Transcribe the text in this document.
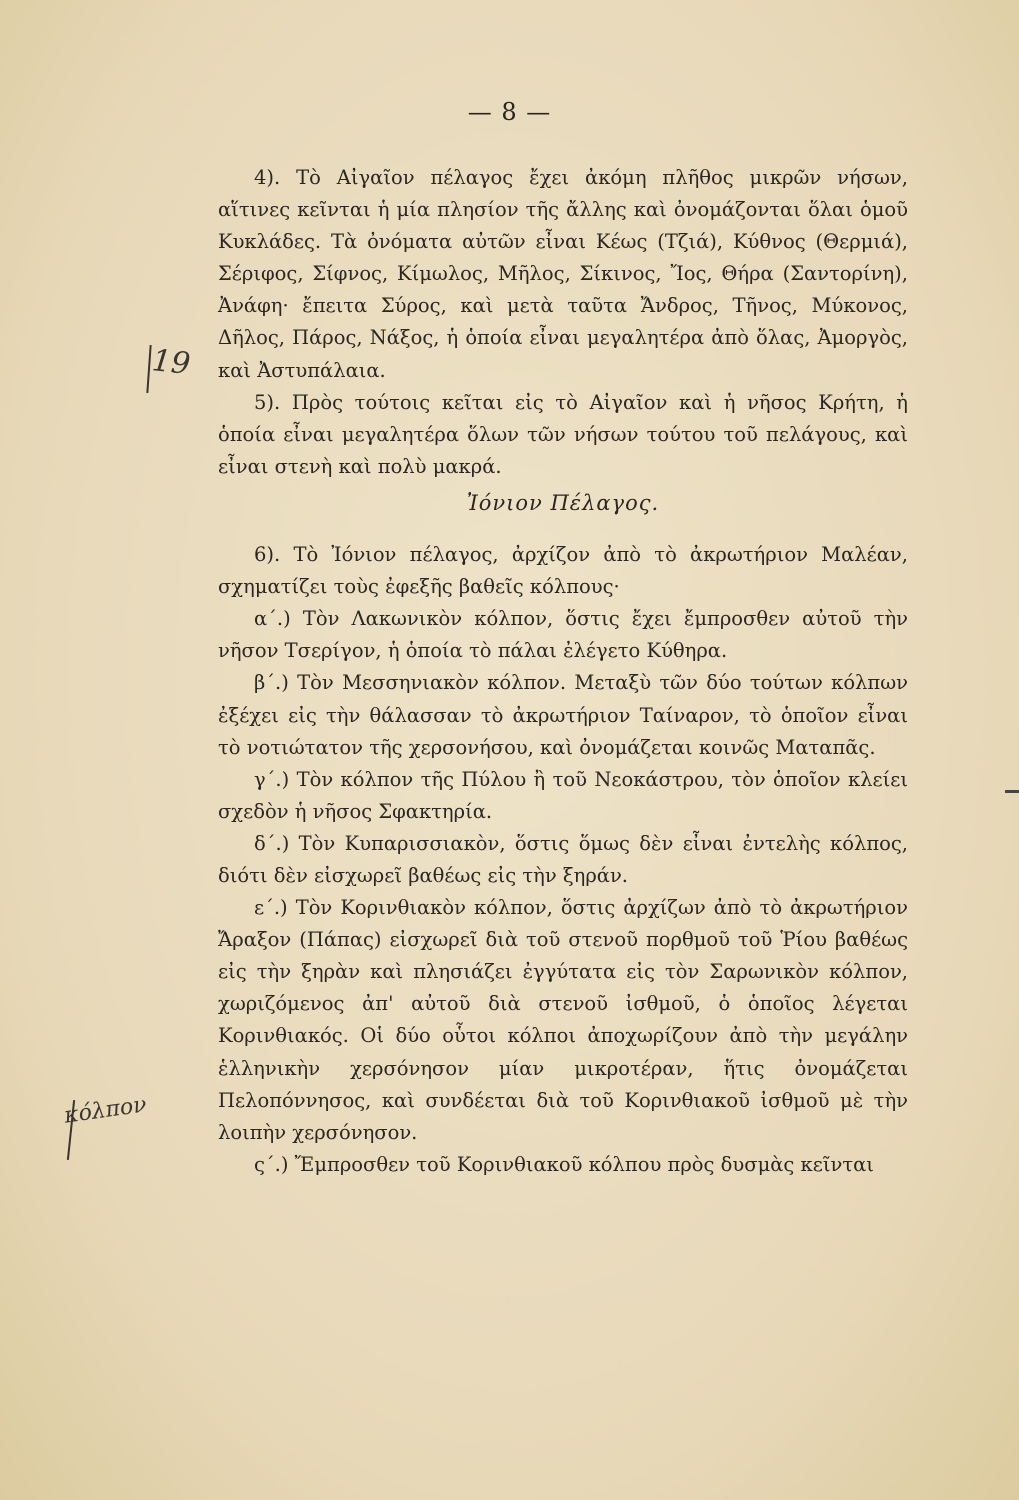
— 8 —
19
κόλπον

4). Τὸ Αἰγαῖον πέλαγος ἔχει ἀκόμη πλῆθος μικρῶν νήσων, αἵτινες κεῖνται ἡ μία πλησίον τῆς ἄλλης καὶ ὀνομάζονται ὅλαι ὁμοῦ Κυκλάδες. Τὰ ὀνόματα αὐτῶν εἶναι Κέως (Τζιά), Κύθνος (Θερμιά), Σέριφος, Σίφνος, Κίμωλος, Μῆλος, Σίκινος, Ἴος, Θήρα (Σαντορίνη), Ἀνάφη· ἔπειτα Σύρος, καὶ μετὰ ταῦτα Ἄνδρος, Τῆνος, Μύκονος, Δῆλος, Πάρος, Νάξος, ἡ ὁποία εἶναι μεγαλητέρα ἀπὸ ὅλας, Ἀμοργὸς, καὶ Ἀστυπάλαια.

5). Πρὸς τούτοις κεῖται εἰς τὸ Αἰγαῖον καὶ ἡ νῆσος Κρήτη, ἡ ὁποία εἶναι μεγαλητέρα ὅλων τῶν νήσων τούτου τοῦ πελάγους, καὶ εἶναι στενὴ καὶ πολὺ μακρά.

Ἰόνιον Πέλαγος.

6). Τὸ Ἰόνιον πέλαγος, ἀρχίζον ἀπὸ τὸ ἀκρωτήριον Μαλέαν, σχηματίζει τοὺς ἐφεξῆς βαθεῖς κόλπους·

α΄.) Τὸν Λακωνικὸν κόλπον, ὅστις ἔχει ἔμπροσθεν αὐτοῦ τὴν νῆσον Τσερίγον, ἡ ὁποία τὸ πάλαι ἐλέγετο Κύθηρα.

β΄.) Τὸν Μεσσηνιακὸν κόλπον. Μεταξὺ τῶν δύο τούτων κόλπων ἐξέχει εἰς τὴν θάλασσαν τὸ ἀκρωτήριον Ταίναρον, τὸ ὁποῖον εἶναι τὸ νοτιώτατον τῆς χερσονήσου, καὶ ὀνομάζεται κοινῶς Ματαπᾶς.

γ΄.) Τὸν κόλπον τῆς Πύλου ἢ τοῦ Νεοκάστρου, τὸν ὁποῖον κλείει σχεδὸν ἡ νῆσος Σφακτηρία.

δ΄.) Τὸν Κυπαρισσιακὸν, ὅστις ὅμως δὲν εἶναι ἐντελὴς κόλπος, διότι δὲν εἰσχωρεῖ βαθέως εἰς τὴν ξηράν.

ε΄.) Τὸν Κορινθιακὸν κόλπον, ὅστις ἀρχίζων ἀπὸ τὸ ἀκρωτήριον Ἄραξον (Πάπας) εἰσχωρεῖ διὰ τοῦ στενοῦ πορθμοῦ τοῦ Ῥίου βαθέως εἰς τὴν ξηρὰν καὶ πλησιάζει ἐγγύτατα εἰς τὸν Σαρωνικὸν κόλπον, χωριζόμενος ἀπ' αὐτοῦ διὰ στενοῦ ἰσθμοῦ, ὁ ὁποῖος λέγεται Κορινθιακός. Οἱ δύο οὗτοι κόλποι ἀποχωρίζουν ἀπὸ τὴν μεγάλην ἑλληνικὴν χερσόνησον μίαν μικροτέραν, ἥτις ὀνομάζεται Πελοπόννησος, καὶ συνδέεται διὰ τοῦ Κορινθιακοῦ ἰσθμοῦ μὲ τὴν λοιπὴν χερσόνησον.

ς΄.) Ἔμπροσθεν τοῦ Κορινθιακοῦ κόλπου πρὸς δυσμὰς κεῖνται
